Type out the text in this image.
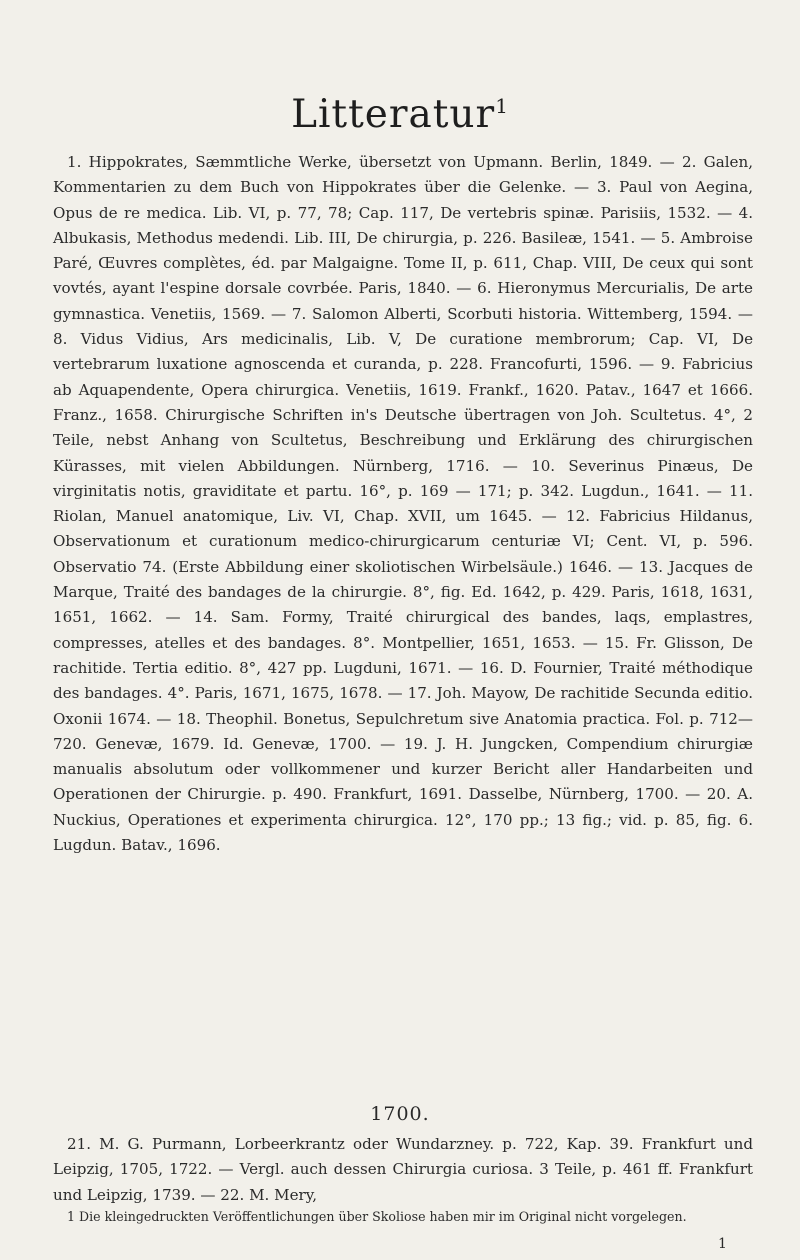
Litteratur$^1$

1. Hippokrates, Sæmmtliche Werke, übersetzt von Upmann. Berlin, 1849. — 2. Galen, Kommentarien zu dem Buch von Hippokrates über die Gelenke. — 3. Paul von Aegina, Opus de re medica. Lib. VI, p. 77, 78; Cap. 117, De vertebris spinæ. Parisiis, 1532. — 4. Albukasis, Methodus medendi. Lib. III, De chirurgia, p. 226. Basileæ, 1541. — 5. Ambroise Paré, Œuvres complètes, éd. par Malgaigne. Tome II, p. 611, Chap. VIII, De ceux qui sont vovtés, ayant l'espine dorsale covrbée. Paris, 1840. — 6. Hieronymus Mercurialis, De arte gymnastica. Venetiis, 1569. — 7. Salomon Alberti, Scorbuti historia. Wittemberg, 1594. — 8. Vidus Vidius, Ars medicinalis, Lib. V, De curatione membrorum; Cap. VI, De vertebrarum luxatione agnoscenda et curanda, p. 228. Francofurti, 1596. — 9. Fabricius ab Aquapendente, Opera chirurgica. Venetiis, 1619. Frankf., 1620. Patav., 1647 et 1666. Franz., 1658. Chirurgische Schriften in's Deutsche übertragen von Joh. Scultetus. 4°, 2 Teile, nebst Anhang von Scultetus, Beschreibung und Erklärung des chirurgischen Kürasses, mit vielen Abbildungen. Nürnberg, 1716. — 10. Severinus Pinæus, De virginitatis notis, graviditate et partu. 16°, p. 169 — 171; p. 342. Lugdun., 1641. — 11. Riolan, Manuel anatomique, Liv. VI, Chap. XVII, um 1645. — 12. Fabricius Hildanus, Observationum et curationum medico-chirurgicarum centuriæ VI; Cent. VI, p. 596. Observatio 74. (Erste Abbildung einer skoliotischen Wirbelsäule.) 1646. — 13. Jacques de Marque, Traité des bandages de la chirurgie. 8°, fig. Ed. 1642, p. 429. Paris, 1618, 1631, 1651, 1662. — 14. Sam. Formy, Traité chirurgical des bandes, laqs, emplastres, compresses, atelles et des bandages. 8°. Montpellier, 1651, 1653. — 15. Fr. Glisson, De rachitide. Tertia editio. 8°, 427 pp. Lugduni, 1671. — 16. D. Fournier, Traité méthodique des bandages. 4°. Paris, 1671, 1675, 1678. — 17. Joh. Mayow, De rachitide Secunda editio. Oxonii 1674. — 18. Theophil. Bonetus, Sepulchretum sive Anatomia practica. Fol. p. 712—720. Genevæ, 1679. Id. Genevæ, 1700. — 19. J. H. Jungcken, Compendium chirurgiæ manualis absolutum oder vollkommener und kurzer Bericht aller Handarbeiten und Operationen der Chirurgie. p. 490. Frankfurt, 1691. Dasselbe, Nürnberg, 1700. — 20. A. Nuckius, Operationes et experimenta chirurgica. 12°, 170 pp.; 13 fig.; vid. p. 85, fig. 6. Lugdun. Batav., 1696.

1700.

21. M. G. Purmann, Lorbeerkrantz oder Wundarzney. p. 722, Kap. 39. Frankfurt und Leipzig, 1705, 1722. — Vergl. auch dessen Chirurgia curiosa. 3 Teile, p. 461 ff. Frankfurt und Leipzig, 1739. — 22. M. Mery,

1 Die kleingedruckten Veröffentlichungen über Skoliose haben mir im Original nicht vorgelegen.

1
